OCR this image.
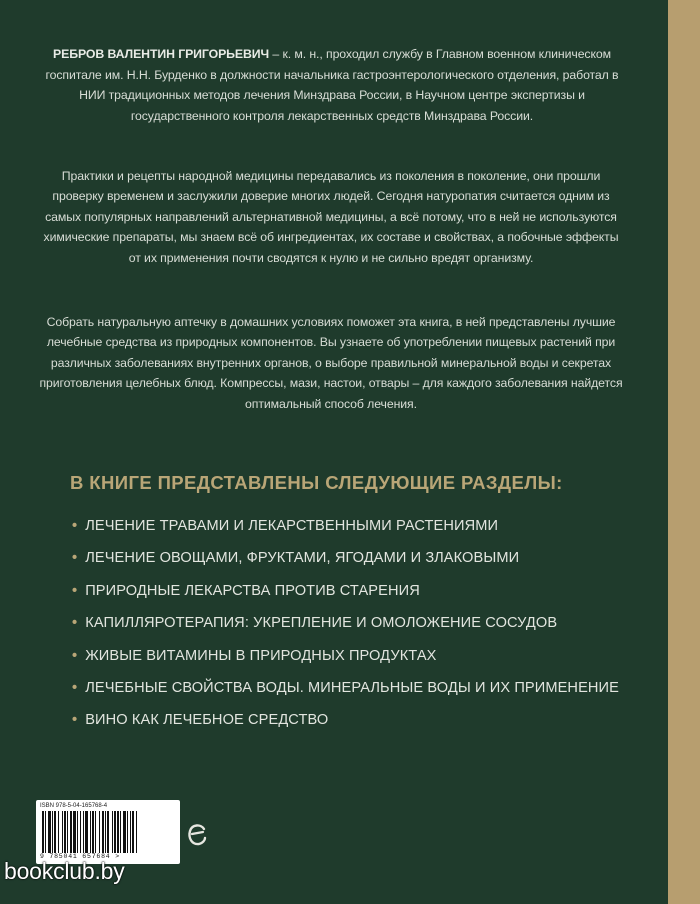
РЕБРОВ ВАЛЕНТИН ГРИГОРЬЕВИЧ – к. м. н., проходил службу в Главном военном клиническом госпитале им. Н.Н. Бурденко в должности начальника гастроэнтерологического отделения, работал в НИИ традиционных методов лечения Минздрава России, в Научном центре экспертизы и государственного контроля лекарственных средств Минздрава России.
Практики и рецепты народной медицины передавались из поколения в поколение, они прошли проверку временем и заслужили доверие многих людей. Сегодня натуропатия считается одним из самых популярных направлений альтернативной медицины, а всё потому, что в ней не используются химические препараты, мы знаем всё об ингредиентах, их составе и свойствах, а побочные эффекты от их применения почти сводятся к нулю и не сильно вредят организму.
Собрать натуральную аптечку в домашних условиях поможет эта книга, в ней представлены лучшие лечебные средства из природных компонентов. Вы узнаете об употреблении пищевых растений при различных заболеваниях внутренних органов, о выборе правильной минеральной воды и секретах приготовления целебных блюд. Компрессы, мази, настои, отвары – для каждого заболевания найдется оптимальный способ лечения.
В КНИГЕ ПРЕДСТАВЛЕНЫ СЛЕДУЮЩИЕ РАЗДЕЛЫ:
• ЛЕЧЕНИЕ ТРАВАМИ И ЛЕКАРСТВЕННЫМИ РАСТЕНИЯМИ
• ЛЕЧЕНИЕ ОВОЩАМИ, ФРУКТАМИ, ЯГОДАМИ И ЗЛАКОВЫМИ
• ПРИРОДНЫЕ ЛЕКАРСТВА ПРОТИВ СТАРЕНИЯ
• КАПИЛЛЯРОТЕРАПИЯ: УКРЕПЛЕНИЕ И ОМОЛОЖЕНИЕ СОСУДОВ
• ЖИВЫЕ ВИТАМИНЫ В ПРИРОДНЫХ ПРОДУКТАХ
• ЛЕЧЕБНЫЕ СВОЙСТВА ВОДЫ. МИНЕРАЛЬНЫЕ ВОДЫ И ИХ ПРИМЕНЕНИЕ
• ВИНО КАК ЛЕЧЕБНОЕ СРЕДСТВО
ISBN 978-5-04-165768-4
9 785041 657684 >
bookclub.by
